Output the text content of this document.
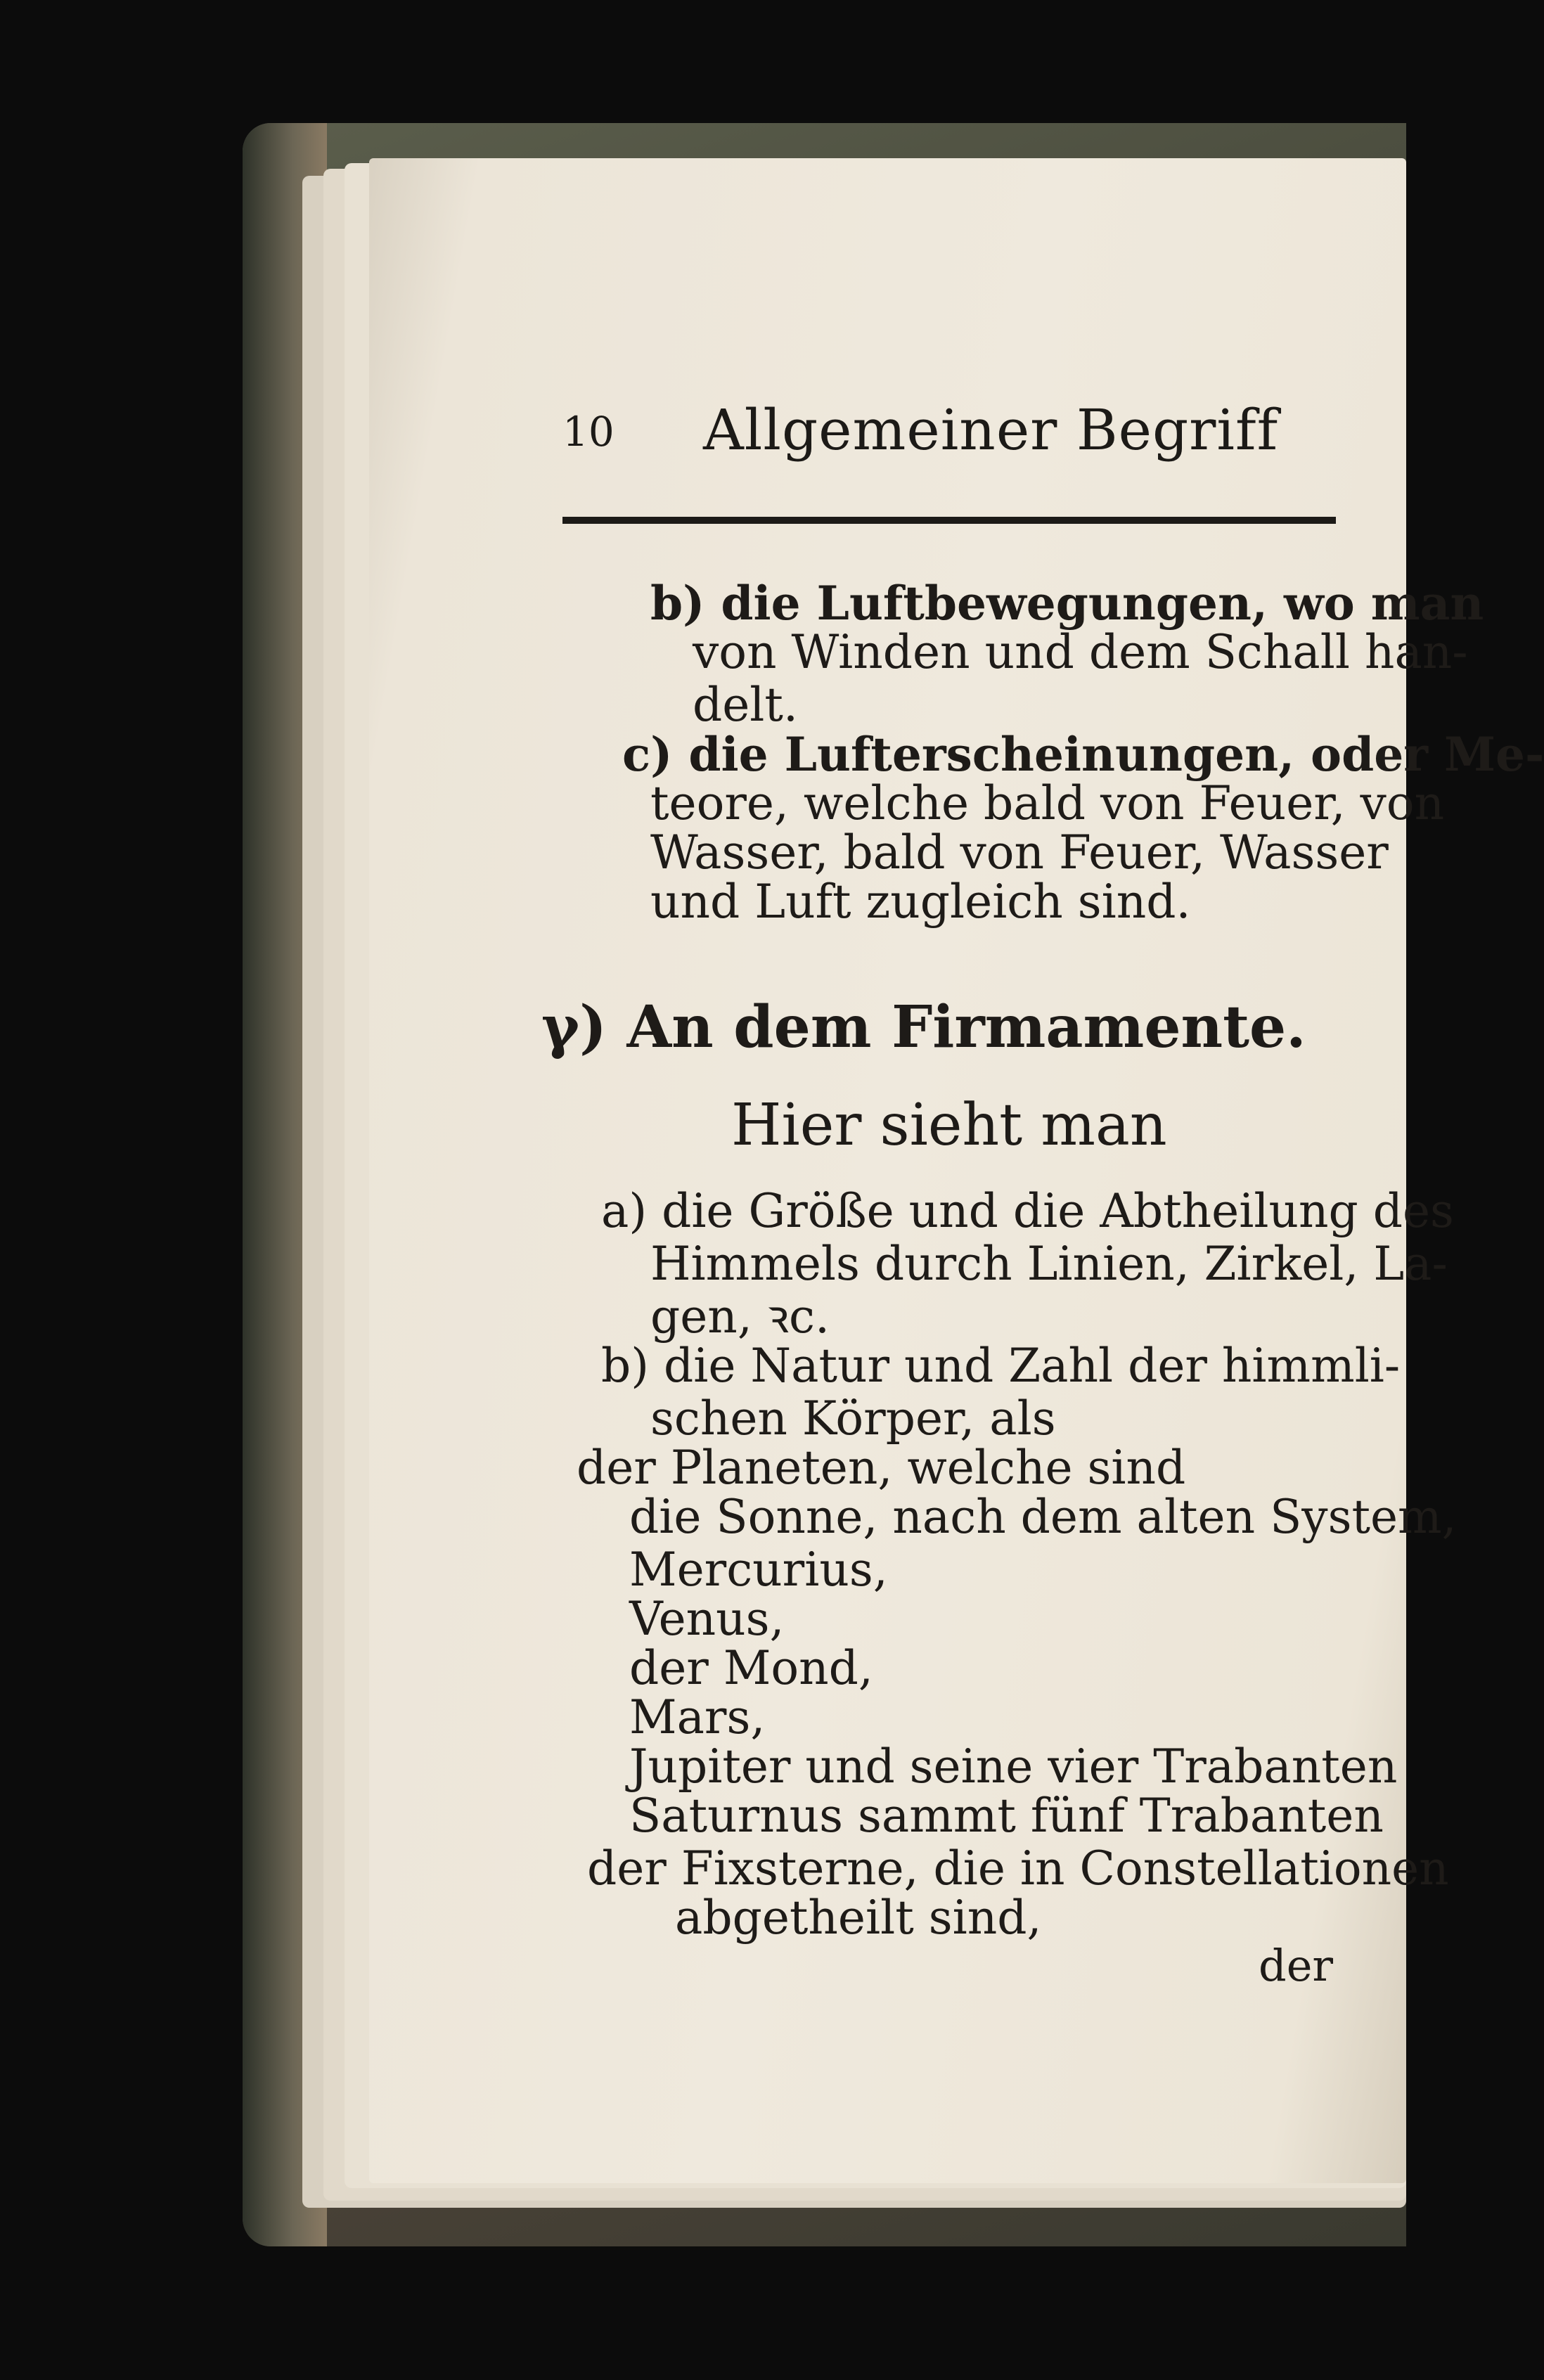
10 Allgemeiner Begriff
b) die Luftbewegungen, wo man
von Winden und dem Schall han-
delt.
c) die Lufterscheinungen, oder Me-
teore, welche bald von Feuer, von
Wasser, bald von Feuer, Wasser
und Luft zugleich sind.
γ) An dem Firmamente.
Hier sieht man
a) die Größe und die Abtheilung des
Himmels durch Linien, Zirkel, La-
gen, ꝛc.
b) die Natur und Zahl der himmli-
schen Körper, als
der Planeten, welche sind
die Sonne, nach dem alten System,
Mercurius,
Venus,
der Mond,
Mars,
Jupiter und seine vier Trabanten
Saturnus sammt fünf Trabanten
der Fixsterne, die in Constellationen
abgetheilt sind,
der
